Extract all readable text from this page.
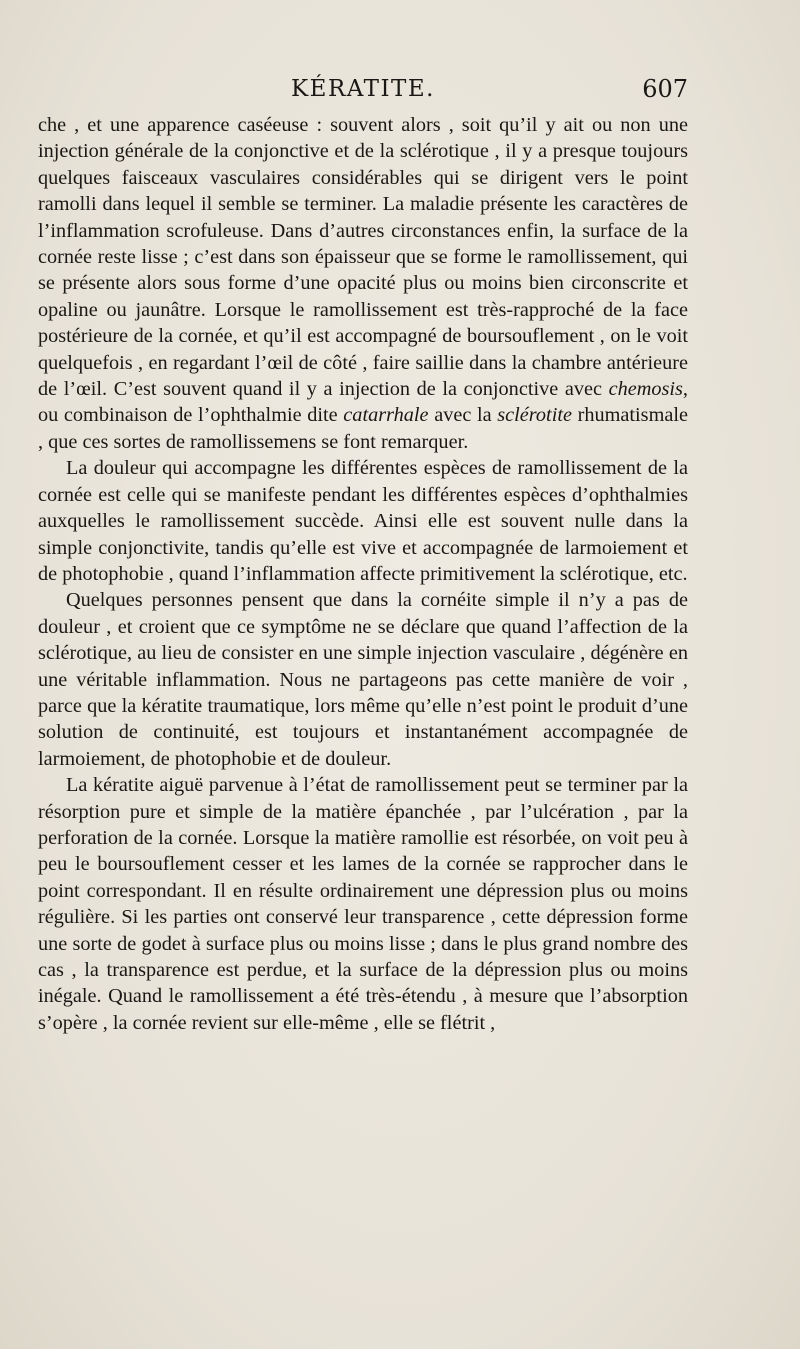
KÉRATITE.	607

che , et une apparence caséeuse : souvent alors , soit qu’il y ait ou non une injection générale de la conjonctive et de la sclérotique , il y a presque toujours quelques faisceaux vasculaires considérables qui se dirigent vers le point ramolli dans lequel il semble se terminer. La maladie présente les caractères de l’inflammation scrofuleuse. Dans d’autres circonstances enfin, la surface de la cornée reste lisse ; c’est dans son épaisseur que se forme le ramollissement, qui se présente alors sous forme d’une opacité plus ou moins bien circonscrite et opaline ou jaunâtre. Lorsque le ramollissement est très-rapproché de la face postérieure de la cornée, et qu’il est accompagné de boursouflement , on le voit quelquefois , en regardant l’œil de côté , faire saillie dans la chambre antérieure de l’œil. C’est souvent quand il y a injection de la conjonctive avec chemosis, ou combinaison de l’ophthalmie dite catarrhale avec la sclérotite rhumatismale , que ces sortes de ramollissemens se font remarquer.

La douleur qui accompagne les différentes espèces de ramollissement de la cornée est celle qui se manifeste pendant les différentes espèces d’ophthalmies auxquelles le ramollissement succède. Ainsi elle est souvent nulle dans la simple conjonctivite, tandis qu’elle est vive et accompagnée de larmoiement et de photophobie , quand l’inflammation affecte primitivement la sclérotique, etc.

Quelques personnes pensent que dans la cornéite simple il n’y a pas de douleur , et croient que ce symptôme ne se déclare que quand l’affection de la sclérotique, au lieu de consister en une simple injection vasculaire , dégénère en une véritable inflammation. Nous ne partageons pas cette manière de voir , parce que la kératite traumatique, lors même qu’elle n’est point le produit d’une solution de continuité, est toujours et instantanément accompagnée de larmoiement, de photophobie et de douleur.

La kératite aiguë parvenue à l’état de ramollissement peut se terminer par la résorption pure et simple de la matière épanchée , par l’ulcération , par la perforation de la cornée. Lorsque la matière ramollie est résorbée, on voit peu à peu le boursouflement cesser et les lames de la cornée se rapprocher dans le point correspondant. Il en résulte ordinairement une dépression plus ou moins régulière. Si les parties ont conservé leur transparence , cette dépression forme une sorte de godet à surface plus ou moins lisse ; dans le plus grand nombre des cas , la transparence est perdue, et la surface de la dépression plus ou moins inégale. Quand le ramollissement a été très-étendu , à mesure que l’absorption s’opère , la cornée revient sur elle-même , elle se flétrit ,
